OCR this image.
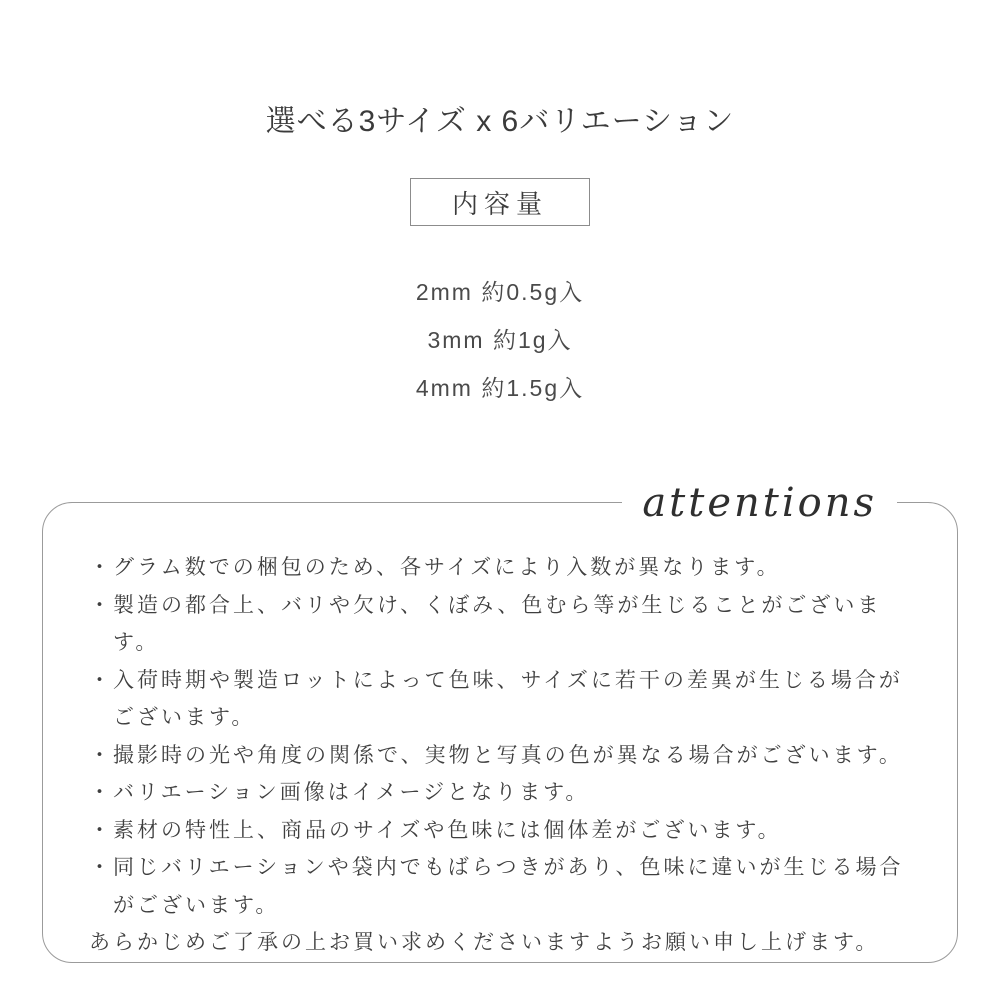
選べる3サイズ x 6バリエーション
内容量
2mm 約0.5g入
3mm 約1g入
4mm 約1.5g入
attentions
・ グラム数での梱包のため、各サイズにより入数が異なります。
・ 製造の都合上、バリや欠け、くぼみ、色むら等が生じることがございます。
・ 入荷時期や製造ロットによって色味、サイズに若干の差異が生じる場合がございます。
・ 撮影時の光や角度の関係で、実物と写真の色が異なる場合がございます。
・ バリエーション画像はイメージとなります。
・ 素材の特性上、商品のサイズや色味には個体差がございます。
・ 同じバリエーションや袋内でもばらつきがあり、色味に違いが生じる場合がございます。

あらかじめご了承の上お買い求めくださいますようお願い申し上げます。
